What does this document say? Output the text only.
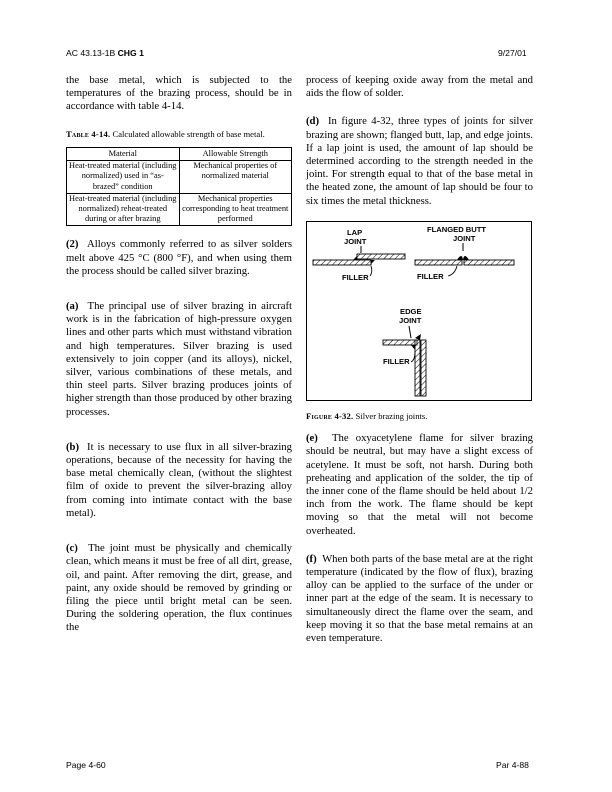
AC 43.13-1B CHG 1	9/27/01

the base metal, which is subjected to the temperatures of the brazing process, should be in accordance with table 4-14.

Table 4-14. Calculated allowable strength of base metal.
Material	Allowable Strength
Heat-treated material (including normalized) used in “as-brazed” condition	Mechanical properties of normalized material
Heat-treated material (including normalized) reheat-treated during or after brazing	Mechanical properties corresponding to heat treatment performed

(2) Alloys commonly referred to as silver solders melt above 425 °C (800 °F), and when using them the process should be called silver brazing.

(a) The principal use of silver brazing in aircraft work is in the fabrication of high-pressure oxygen lines and other parts which must withstand vibration and high temperatures. Silver brazing is used extensively to join copper (and its alloys), nickel, silver, various combinations of these metals, and thin steel parts. Silver brazing produces joints of higher strength than those produced by other brazing processes.

(b) It is necessary to use flux in all silver-brazing operations, because of the necessity for having the base metal chemically clean, (without the slightest film of oxide to prevent the silver-brazing alloy from coming into intimate contact with the base metal).

(c) The joint must be physically and chemically clean, which means it must be free of all dirt, grease, oil, and paint. After removing the dirt, grease, and paint, any oxide should be removed by grinding or filing the piece until bright metal can be seen. During the soldering operation, the flux continues the

process of keeping oxide away from the metal and aids the flow of solder.

(d) In figure 4-32, three types of joints for silver brazing are shown; flanged butt, lap, and edge joints. If a lap joint is used, the amount of lap should be determined according to the strength needed in the joint. For strength equal to that of the base metal in the heated zone, the amount of lap should be four to six times the metal thickness.

LAP
JOINT
FLANGED BUTT
JOINT
EDGE
JOINT
FILLER	FILLER
FILLER
Figure 4-32. Silver brazing joints.

(e) The oxyacetylene flame for silver brazing should be neutral, but may have a slight excess of acetylene. It must be soft, not harsh. During both preheating and application of the solder, the tip of the inner cone of the flame should be held about 1/2 inch from the work. The flame should be kept moving so that the metal will not become overheated.

(f) When both parts of the base metal are at the right temperature (indicated by the flow of flux), brazing alloy can be applied to the surface of the under or inner part at the edge of the seam. It is necessary to simultaneously direct the flame over the seam, and keep moving it so that the base metal remains at an even temperature.

Page 4-60	Par 4-88
